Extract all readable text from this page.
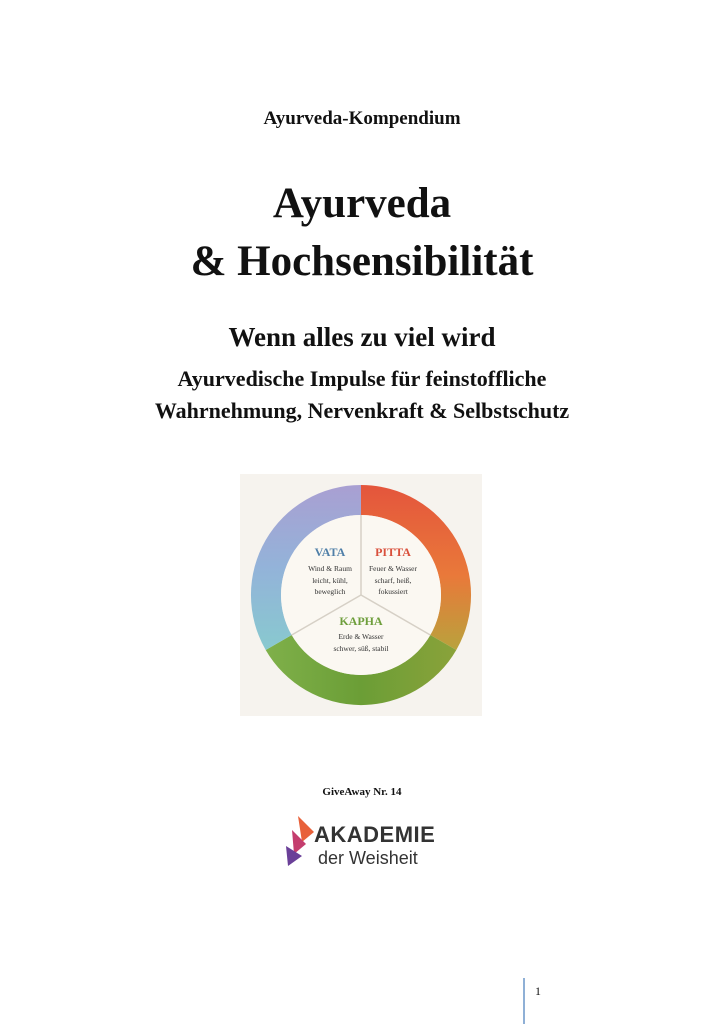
Ayurveda-Kompendium
Ayurveda
& Hochsensibilität
Wenn alles zu viel wird
Ayurvedische Impulse für feinstoffliche
Wahrnehmung, Nervenkraft & Selbstschutz
VATA
Wind & Raum
leicht, kühl,
beweglich
PITTA
Feuer & Wasser
scharf, heiß,
fokussiert
KAPHA
Erde & Wasser
schwer, süß, stabil
GiveAway Nr. 14
AKADEMIE
der Weisheit
1
